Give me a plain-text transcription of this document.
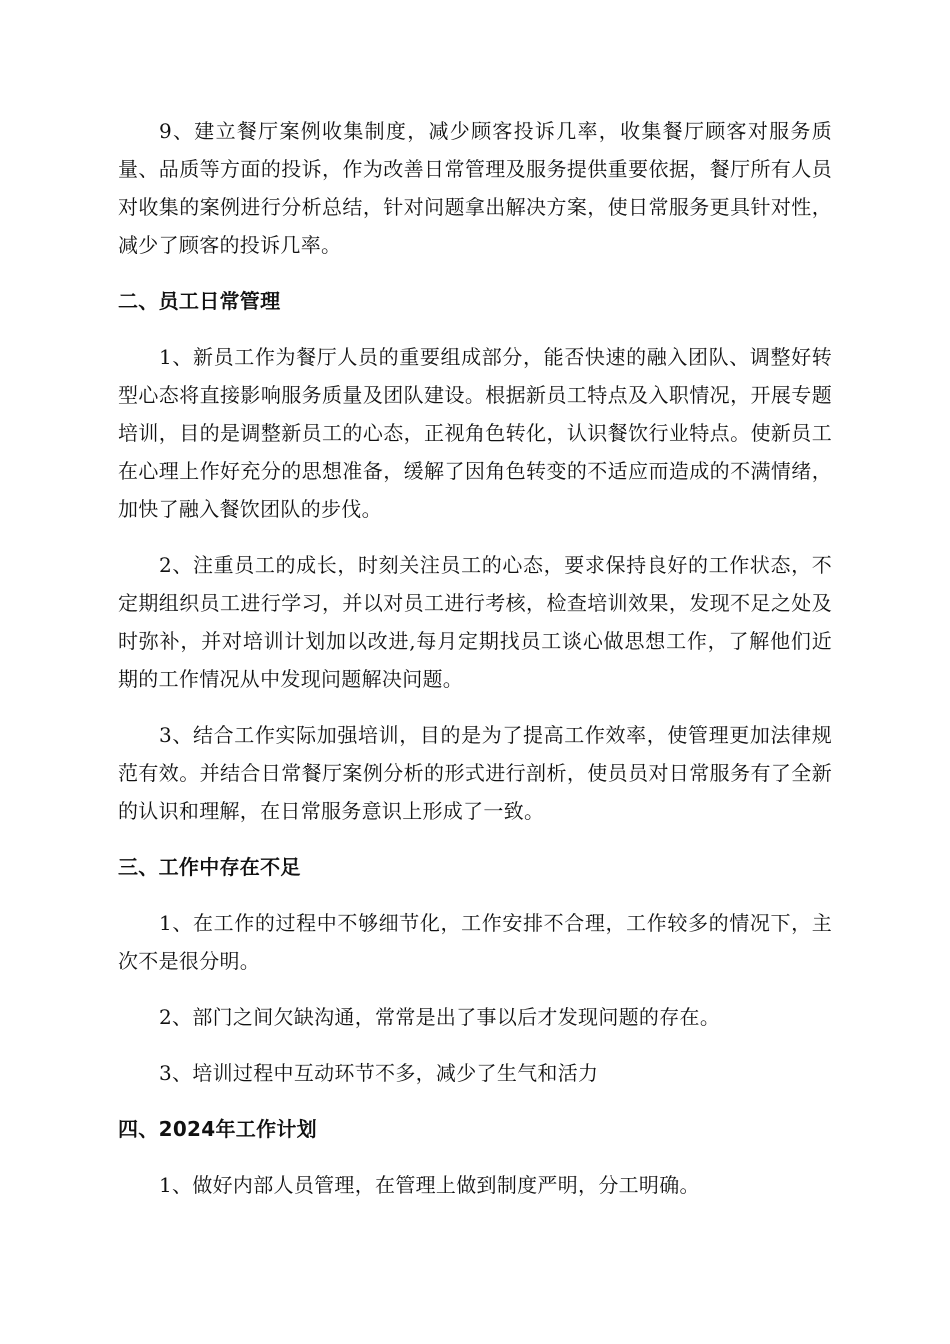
9、建立餐厅案例收集制度，减少顾客投诉几率，收集餐厅顾客对服务质量、品质等方面的投诉，作为改善日常管理及服务提供重要依据，餐厅所有人员对收集的案例进行分析总结，针对问题拿出解决方案，使日常服务更具针对性，减少了顾客的投诉几率。

二、员工日常管理

1、新员工作为餐厅人员的重要组成部分，能否快速的融入团队、调整好转型心态将直接影响服务质量及团队建设。根据新员工特点及入职情况，开展专题培训，目的是调整新员工的心态，正视角色转化，认识餐饮行业特点。使新员工在心理上作好充分的思想准备，缓解了因角色转变的不适应而造成的不满情绪，加快了融入餐饮团队的步伐。

2、注重员工的成长，时刻关注员工的心态，要求保持良好的工作状态，不定期组织员工进行学习，并以对员工进行考核，检查培训效果，发现不足之处及时弥补，并对培训计划加以改进,每月定期找员工谈心做思想工作，了解他们近期的工作情况从中发现问题解决问题。

3、结合工作实际加强培训，目的是为了提高工作效率，使管理更加法律规范有效。并结合日常餐厅案例分析的形式进行剖析，使员员对日常服务有了全新的认识和理解，在日常服务意识上形成了一致。

三、工作中存在不足

1、在工作的过程中不够细节化，工作安排不合理，工作较多的情况下，主次不是很分明。

2、部门之间欠缺沟通，常常是出了事以后才发现问题的存在。

3、培训过程中互动环节不多，减少了生气和活力

四、2024年工作计划

1、做好内部人员管理，在管理上做到制度严明，分工明确。
